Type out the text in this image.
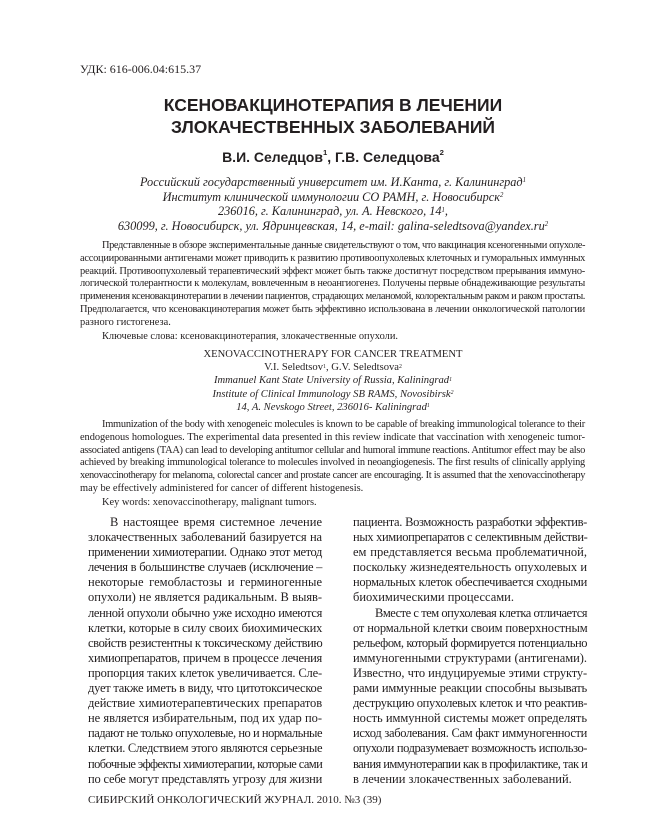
УДК: 616-006.04:615.37
КСЕНОВАКЦИНОТЕРАПИЯ В ЛЕЧЕНИИ
ЗЛОКАЧЕСТВЕННЫХ ЗАБОЛЕВАНИЙ
В.И. Селедцов$^1$, Г.В. Селедцова$^2$
Российский государственный университет им. И.Канта, г. Калининград$^1$
Институт клинической иммунологии СО РАМН, г. Новосибирск$^2$
236016, г. Калининград, ул. А. Невского, $14^1$,
630099, г. Новосибирск, ул. Ядринцевская, 14, e-mail: galina-$seledtsova@yandex.ru^2$
Представленные в обзоре экспериментальные данные свидетельствуют о том, что вакцинация ксеногенными опухоле-
ассоциированными антигенами может приводить к развитию противоопухолевых клеточных и гуморальных иммунных
реакций. Противоопухолевый терапевтический эффект может быть также достигнут посредством прерывания иммуно-
логической толерантности к молекулам, вовлеченным в неоангиогенез. Получены первые обнадеживающие результаты
применения ксеновакцинотерапии в лечении пациентов, страдающих меланомой, колоректальным раком и раком простаты.
Предполагается, что ксеновакцинотерапия может быть эффективно использована в лечении онкологической патологии
разного гистогенеза.
Ключевые слова: ксеновакцинотерапия, злокачественные опухоли.
XENOVACCINOTHERAPY FOR CANCER TREATMENT
V.I. Seledtsov$^1$, G.V. Seledtsova$^2$
Immanuel Kant State University of Russia, Kaliningrad$^1$
Institute of Clinical Immunology SB RAMS, Novosibirsk$^2$
14, A. Nevskogo Street, 236016- Kaliningrad$^1$
Immunization of the body with xenogeneic molecules is known to be capable of breaking immunological tolerance to their
endogenous homologues. The experimental data presented in this review indicate that vaccination with xenogeneic tumor-
associated antigens (TAA) can lead to developing antitumor cellular and humoral immune reactions. Antitumor effect may be also
achieved by breaking immunological tolerance to molecules involved in neoangiogenesis. The first results of clinically applying
xenovaccinotherapy for melanoma, colorectal cancer and prostate cancer are encouraging. It is assumed that the xenovaccinotherapy
may be effectively administered for cancer of different histogenesis.
Key words: xenovaccinotherapy, malignant tumors.
В настоящее время системное лечение
злокачественных заболеваний базируется на
применении химиотерапии. Однако этот метод
лечения в большинстве случаев (исключение –
некоторые гемобластозы и герминогенные
опухоли) не является радикальным. В выяв-
ленной опухоли обычно уже исходно имеются
клетки, которые в силу своих биохимических
свойств резистентны к токсическому действию
химиопрепаратов, причем в процессе лечения
пропорция таких клеток увеличивается. Сле-
дует также иметь в виду, что цитотоксическое
действие химиотерапевтических препаратов
не является избирательным, под их удар по-
падают не только опухолевые, но и нормальные
клетки. Следствием этого являются серьезные
побочные эффекты химиотерапии, которые сами
по себе могут представлять угрозу для жизни
пациента. Возможность разработки эффектив-
ных химиопрепаратов с селективным действи-
ем представляется весьма проблематичной,
поскольку жизнедеятельность опухолевых и
нормальных клеток обеспечивается сходными
биохимическими процессами.
Вместе с тем опухолевая клетка отличается
от нормальной клетки своим поверхностным
рельефом, который формируется потенциально
иммуногенными структурами (антигенами).
Известно, что индуцируемые этими структу-
рами иммунные реакции способны вызывать
деструкцию опухолевых клеток и что реактив-
ность иммунной системы может определять
исход заболевания. Сам факт иммуногенности
опухоли подразумевает возможность использо-
вания иммунотерапии как в профилактике, так и
в лечении злокачественных заболеваний.
СИБИРСКИЙ ОНКОЛОГИЧЕСКИЙ ЖУРНАЛ. 2010. №3 (39)
